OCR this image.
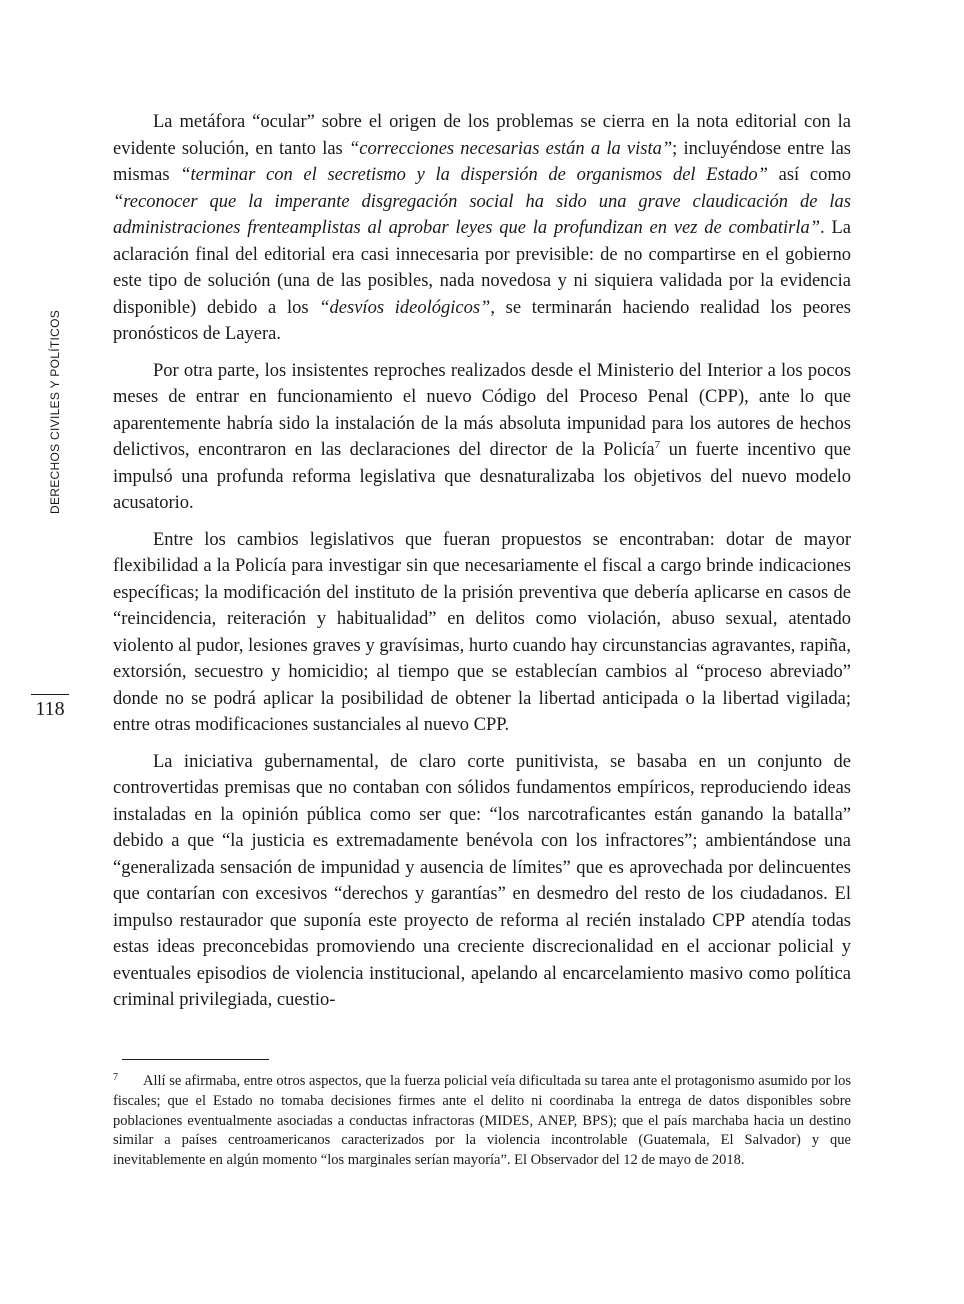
DERECHOS CIVILES Y POLÍTICOS
118

La metáfora “ocular” sobre el origen de los problemas se cierra en la nota editorial con la evidente solución, en tanto las “correcciones necesarias están a la vista”; incluyéndose entre las mismas “terminar con el secretismo y la dispersión de organismos del Estado” así como “reconocer que la imperante disgregación social ha sido una grave claudicación de las administraciones frenteamplistas al aprobar leyes que la profundizan en vez de combatirla”. La aclaración final del editorial era casi innecesaria por previsible: de no compartirse en el gobierno este tipo de solución (una de las posibles, nada novedosa y ni siquiera validada por la evidencia disponible) debido a los “desvíos ideológicos”, se terminarán haciendo realidad los peores pronósticos de Layera.

Por otra parte, los insistentes reproches realizados desde el Ministerio del Interior a los pocos meses de entrar en funcionamiento el nuevo Código del Proceso Penal (CPP), ante lo que aparentemente habría sido la instalación de la más absoluta impunidad para los autores de hechos delictivos, encontraron en las declaraciones del director de la Policía$^7$ un fuerte incentivo que impulsó una profunda reforma legislativa que desnaturalizaba los objetivos del nuevo modelo acusatorio.

Entre los cambios legislativos que fueran propuestos se encontraban: dotar de mayor flexibilidad a la Policía para investigar sin que necesariamente el fiscal a cargo brinde indicaciones específicas; la modificación del instituto de la prisión preventiva que debería aplicarse en casos de “reincidencia, reiteración y habitualidad” en delitos como violación, abuso sexual, atentado violento al pudor, lesiones graves y gravísimas, hurto cuando hay circunstancias agravantes, rapiña, extorsión, secuestro y homicidio; al tiempo que se establecían cambios al “proceso abreviado” donde no se podrá aplicar la posibilidad de obtener la libertad anticipada o la libertad vigilada; entre otras modificaciones sustanciales al nuevo CPP.

La iniciativa gubernamental, de claro corte punitivista, se basaba en un conjunto de controvertidas premisas que no contaban con sólidos fundamentos empíricos, reproduciendo ideas instaladas en la opinión pública como ser que: “los narcotraficantes están ganando la batalla” debido a que “la justicia es extremadamente benévola con los infractores”; ambientándose una “generalizada sensación de impunidad y ausencia de límites” que es aprovechada por delincuentes que contarían con excesivos “derechos y garantías” en desmedro del resto de los ciudadanos. El impulso restaurador que suponía este proyecto de reforma al recién instalado CPP atendía todas estas ideas preconcebidas promoviendo una creciente discrecionalidad en el accionar policial y eventuales episodios de violencia institucional, apelando al encarcelamiento masivo como política criminal privilegiada, cuestio-

7 Allí se afirmaba, entre otros aspectos, que la fuerza policial veía dificultada su tarea ante el protagonismo asumido por los fiscales; que el Estado no tomaba decisiones firmes ante el delito ni coordinaba la entrega de datos disponibles sobre poblaciones eventualmente asociadas a conductas infractoras (MIDES, ANEP, BPS); que el país marchaba hacia un destino similar a países centroamericanos caracterizados por la violencia incontrolable (Guatemala, El Salvador) y que inevitablemente en algún momento “los marginales serían mayoría”. El Observador del 12 de mayo de 2018.
